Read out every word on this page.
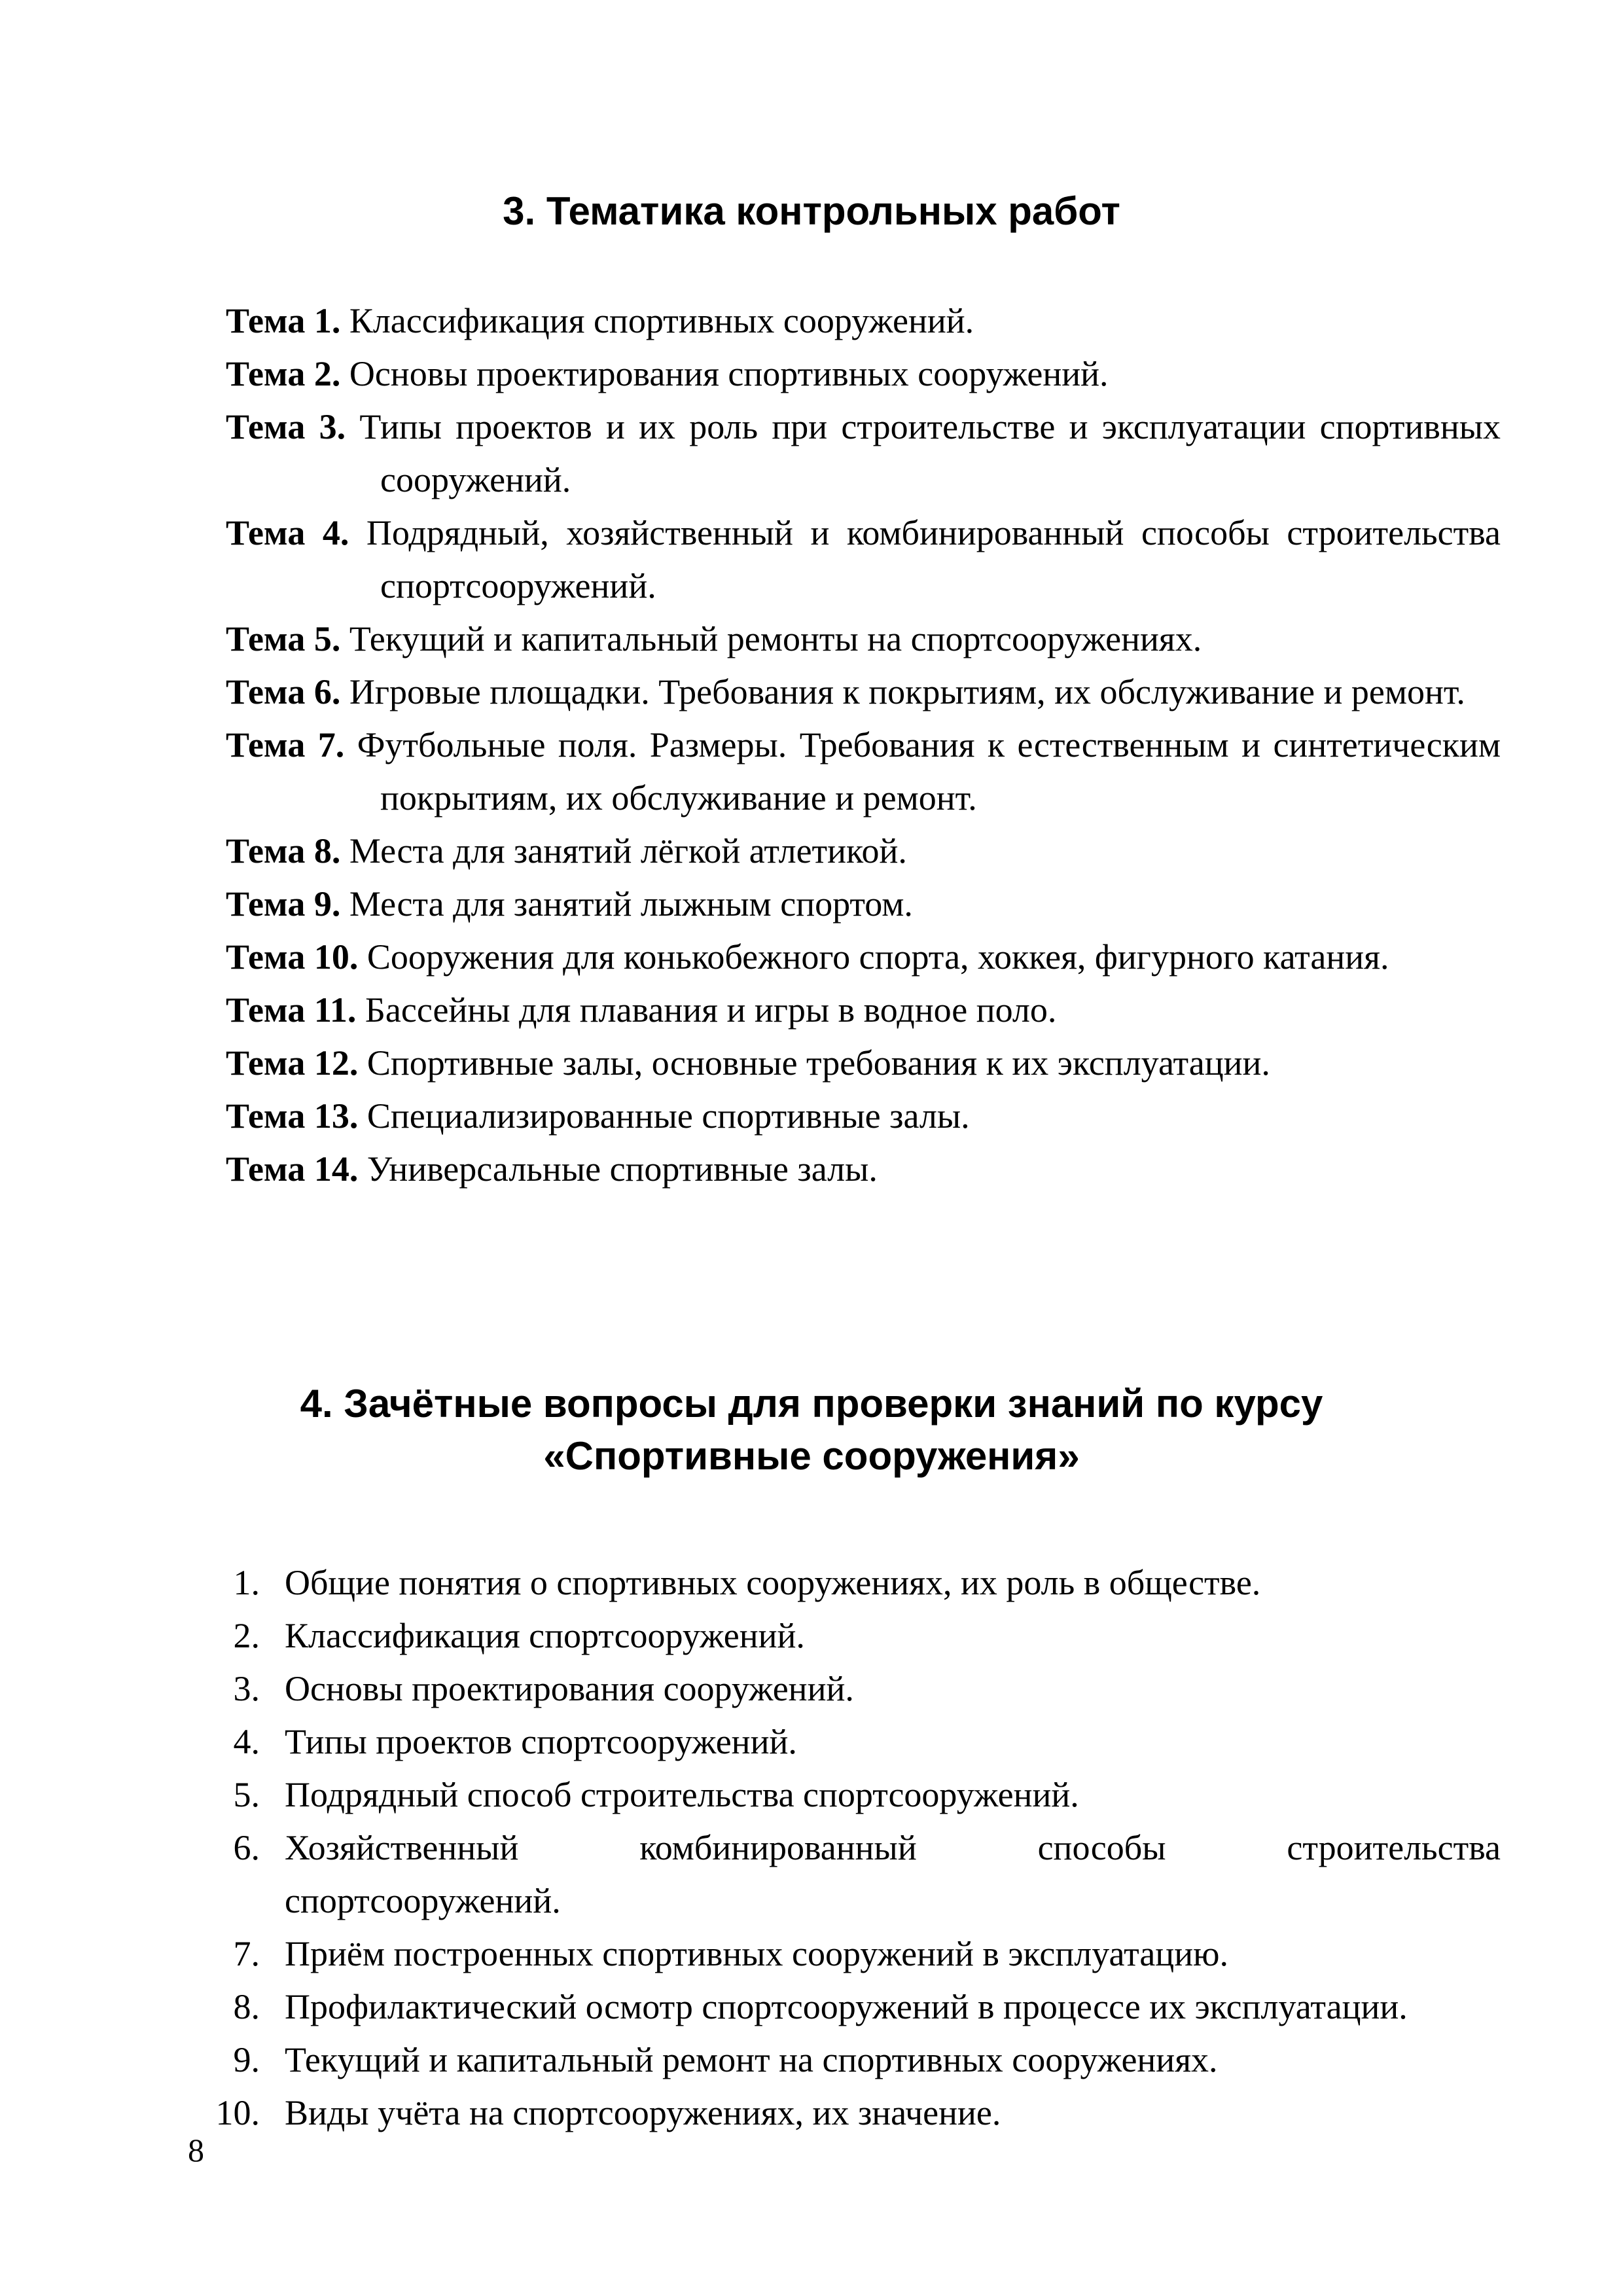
3. Тематика контрольных работ
Тема 1. Классификация спортивных сооружений.
Тема 2. Основы проектирования спортивных сооружений.
Тема 3. Типы проектов и их роль при строительстве и эксплуатации спортивных сооружений.
Тема 4. Подрядный, хозяйственный и комбинированный способы строительства спортсооружений.
Тема 5. Текущий и капитальный ремонты на спортсооружениях.
Тема 6. Игровые площадки. Требования к покрытиям, их обслуживание и ремонт.
Тема 7. Футбольные поля. Размеры. Требования к естественным и синтетическим покрытиям, их обслуживание и ремонт.
Тема 8. Места для занятий лёгкой атлетикой.
Тема 9. Места для занятий лыжным спортом.
Тема 10. Сооружения для конькобежного спорта, хоккея, фигурного катания.
Тема 11. Бассейны для плавания и игры в водное поло.
Тема 12. Спортивные залы, основные требования к их эксплуатации.
Тема 13. Специализированные спортивные залы.
Тема 14. Универсальные спортивные залы.
4. Зачётные вопросы для проверки знаний по курсу
«Спортивные сооружения»
1. Общие понятия о спортивных сооружениях, их роль в обществе.
2. Классификация спортсооружений.
3. Основы проектирования сооружений.
4. Типы проектов спортсооружений.
5. Подрядный способ строительства спортсооружений.
6. Хозяйственный	комбинированный	способы	строительства
спортсооружений.
7. Приём построенных спортивных сооружений в эксплуатацию.
8. Профилактический осмотр спортсооружений в процессе их эксплуатации.
9. Текущий и капитальный ремонт на спортивных сооружениях.
10. Виды учёта на спортсооружениях, их значение.
8
